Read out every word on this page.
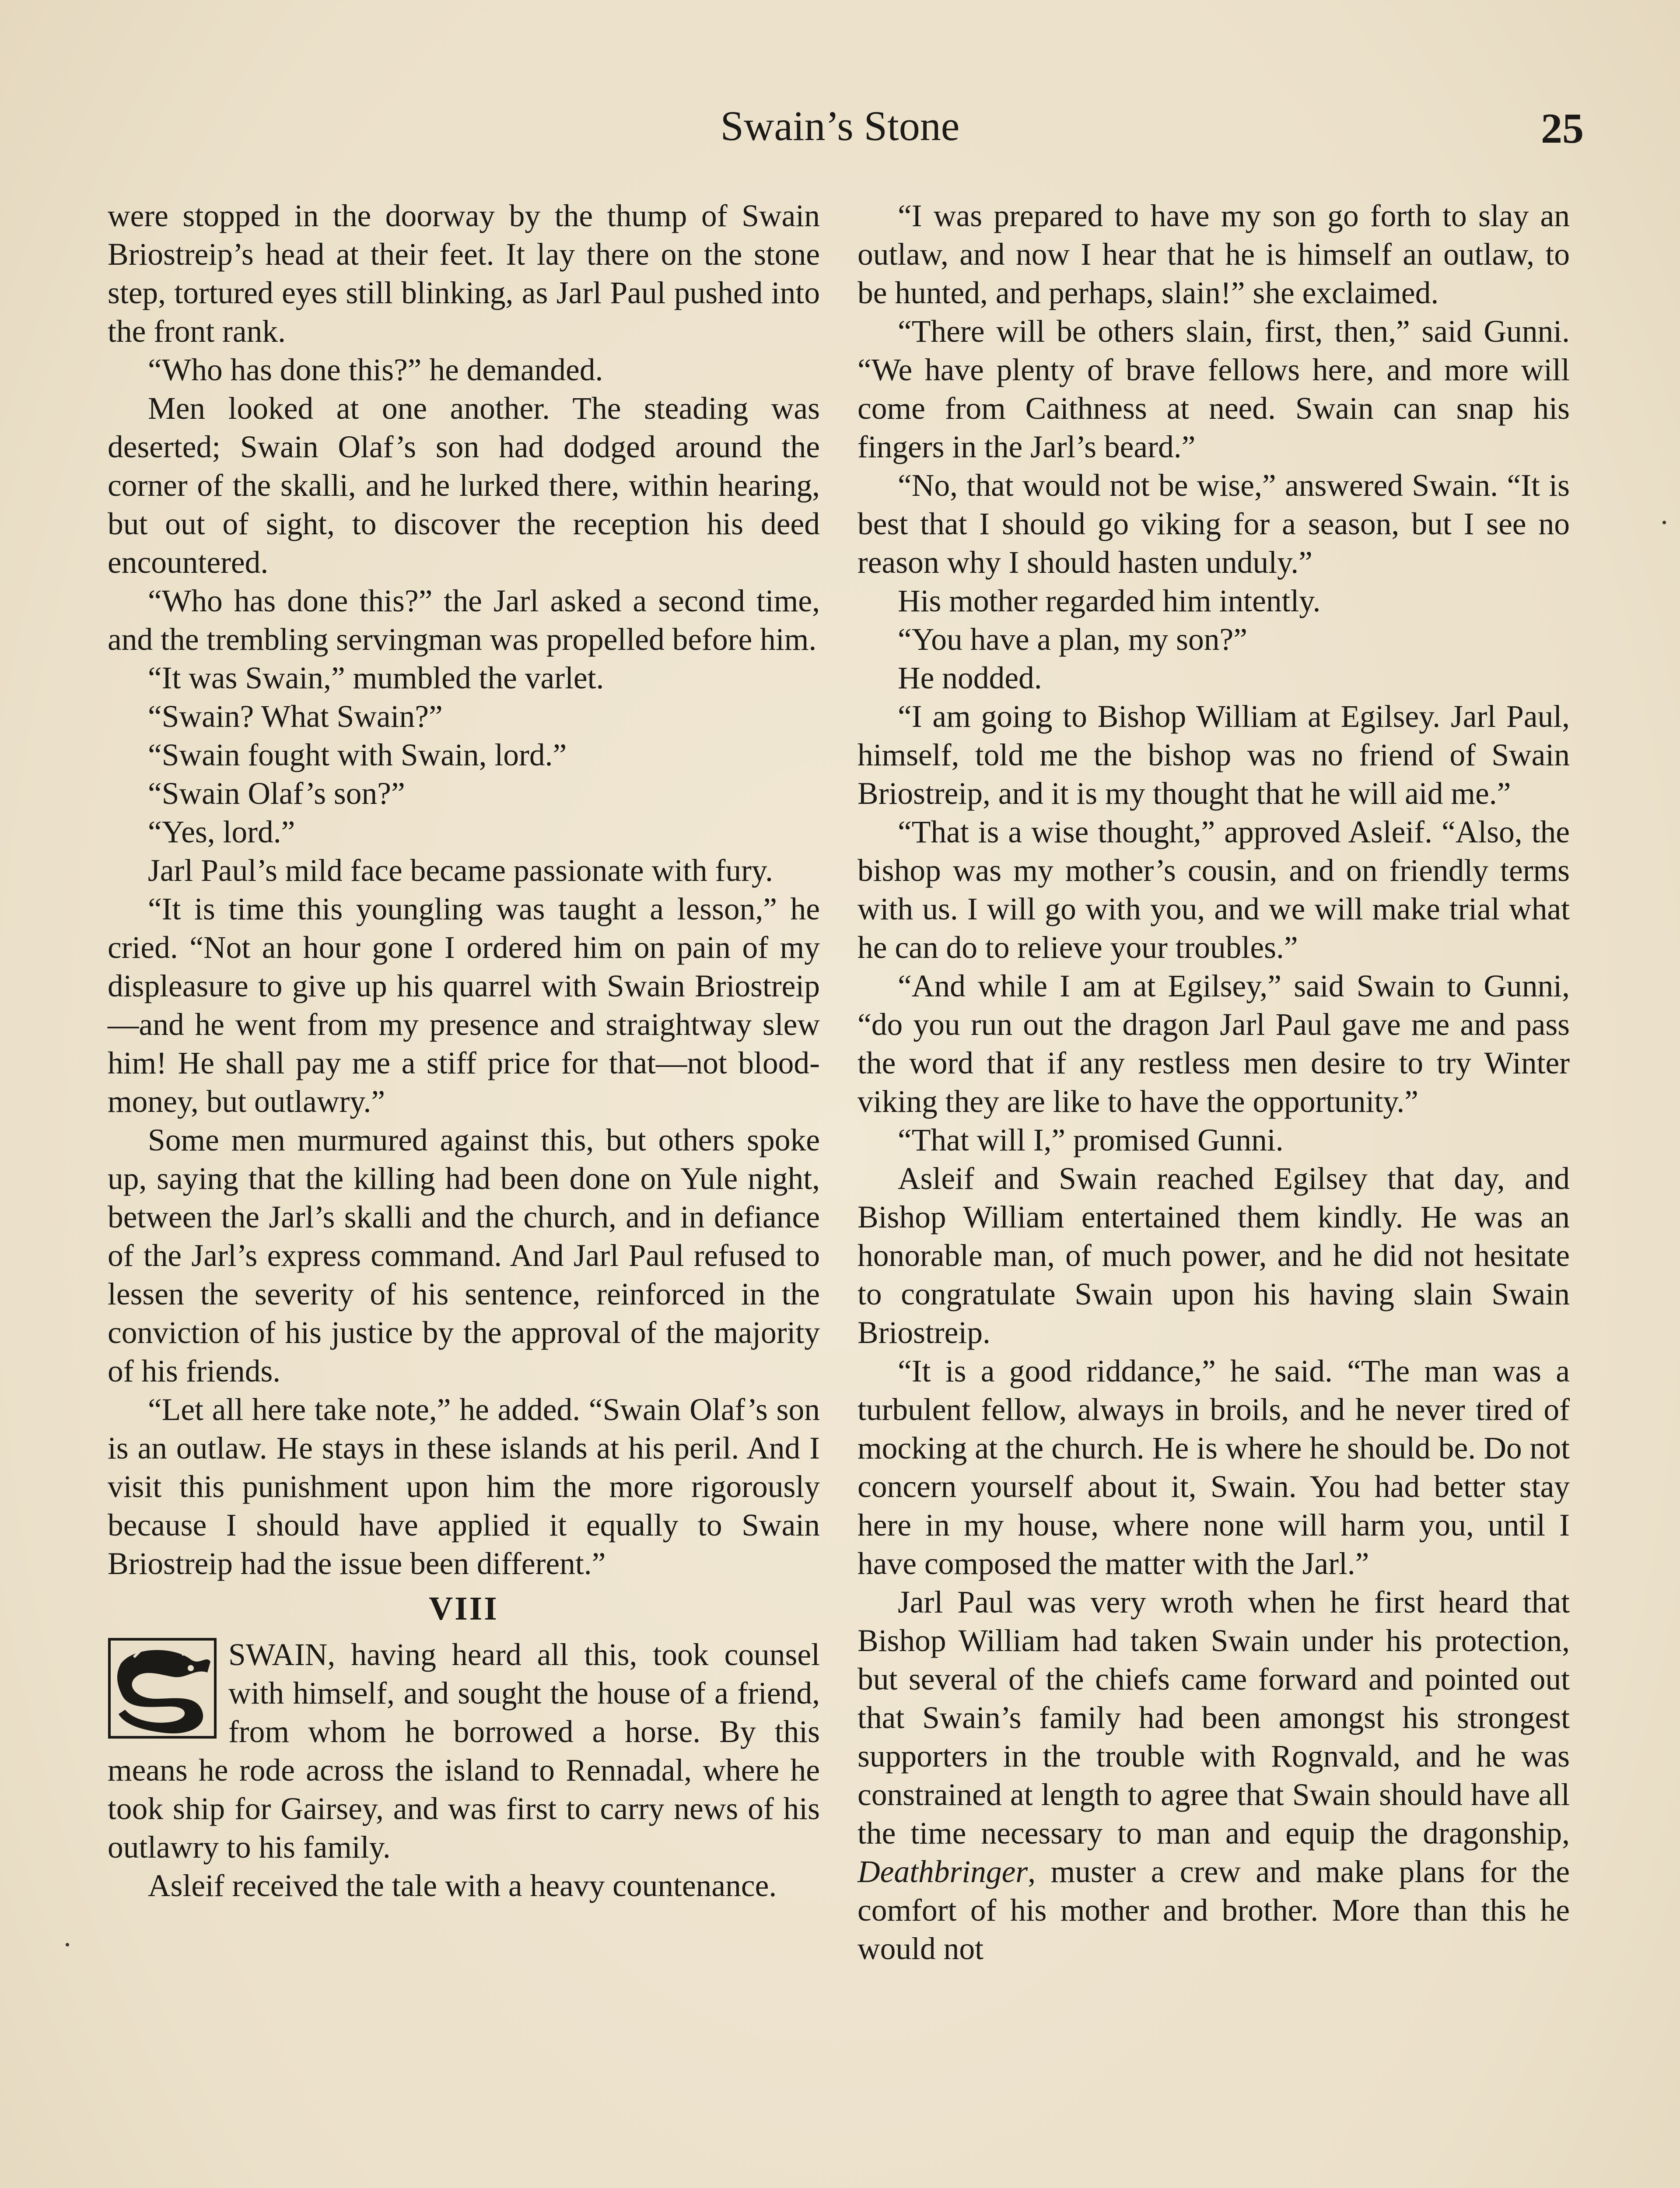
Swain’s Stone	25

were stopped in the doorway by the thump of Swain Briostreip’s head at their feet. It lay there on the stone step, tortured eyes still blinking, as Jarl Paul pushed into the front rank.

“Who has done this?” he demanded.

Men looked at one another. The steading was deserted; Swain Olaf’s son had dodged around the corner of the skalli, and he lurked there, within hearing, but out of sight, to discover the reception his deed encountered.

“Who has done this?” the Jarl asked a second time, and the trembling servingman was propelled before him.

“It was Swain,” mumbled the varlet.

“Swain? What Swain?”

“Swain fought with Swain, lord.”

“Swain Olaf’s son?”

“Yes, lord.”

Jarl Paul’s mild face became passionate with fury.

“It is time this youngling was taught a lesson,” he cried. “Not an hour gone I ordered him on pain of my displeasure to give up his quarrel with Swain Briostreip—and he went from my presence and straightway slew him! He shall pay me a stiff price for that—not blood-money, but outlawry.”

Some men murmured against this, but others spoke up, saying that the killing had been done on Yule night, between the Jarl’s skalli and the church, and in defiance of the Jarl’s express command. And Jarl Paul refused to lessen the severity of his sentence, reinforced in the conviction of his justice by the approval of the majority of his friends.

“Let all here take note,” he added. “Swain Olaf’s son is an outlaw. He stays in these islands at his peril. And I visit this punishment upon him the more rigorously because I should have applied it equally to Swain Briostreip had the issue been different.”

VIII

SWAIN, having heard all this, took counsel with himself, and sought the house of a friend, from whom he borrowed a horse. By this means he rode across the island to Rennadal, where he took ship for Gairsey, and was first to carry news of his outlawry to his family.

Asleif received the tale with a heavy countenance.

“I was prepared to have my son go forth to slay an outlaw, and now I hear that he is himself an outlaw, to be hunted, and perhaps, slain!” she exclaimed.

“There will be others slain, first, then,” said Gunni. “We have plenty of brave fellows here, and more will come from Caithness at need. Swain can snap his fingers in the Jarl’s beard.”

“No, that would not be wise,” answered Swain. “It is best that I should go viking for a season, but I see no reason why I should hasten unduly.”

His mother regarded him intently.

“You have a plan, my son?”

He nodded.

“I am going to Bishop William at Egilsey. Jarl Paul, himself, told me the bishop was no friend of Swain Briostreip, and it is my thought that he will aid me.”

“That is a wise thought,” approved Asleif. “Also, the bishop was my mother’s cousin, and on friendly terms with us. I will go with you, and we will make trial what he can do to relieve your troubles.”

“And while I am at Egilsey,” said Swain to Gunni, “do you run out the dragon Jarl Paul gave me and pass the word that if any restless men desire to try Winter viking they are like to have the opportunity.”

“That will I,” promised Gunni.

Asleif and Swain reached Egilsey that day, and Bishop William entertained them kindly. He was an honorable man, of much power, and he did not hesitate to congratulate Swain upon his having slain Swain Briostreip.

“It is a good riddance,” he said. “The man was a turbulent fellow, always in broils, and he never tired of mocking at the church. He is where he should be. Do not concern yourself about it, Swain. You had better stay here in my house, where none will harm you, until I have composed the matter with the Jarl.”

Jarl Paul was very wroth when he first heard that Bishop William had taken Swain under his protection, but several of the chiefs came forward and pointed out that Swain’s family had been amongst his strongest supporters in the trouble with Rognvald, and he was constrained at length to agree that Swain should have all the time necessary to man and equip the dragonship, Deathbringer, muster a crew and make plans for the comfort of his mother and brother. More than this he would not
